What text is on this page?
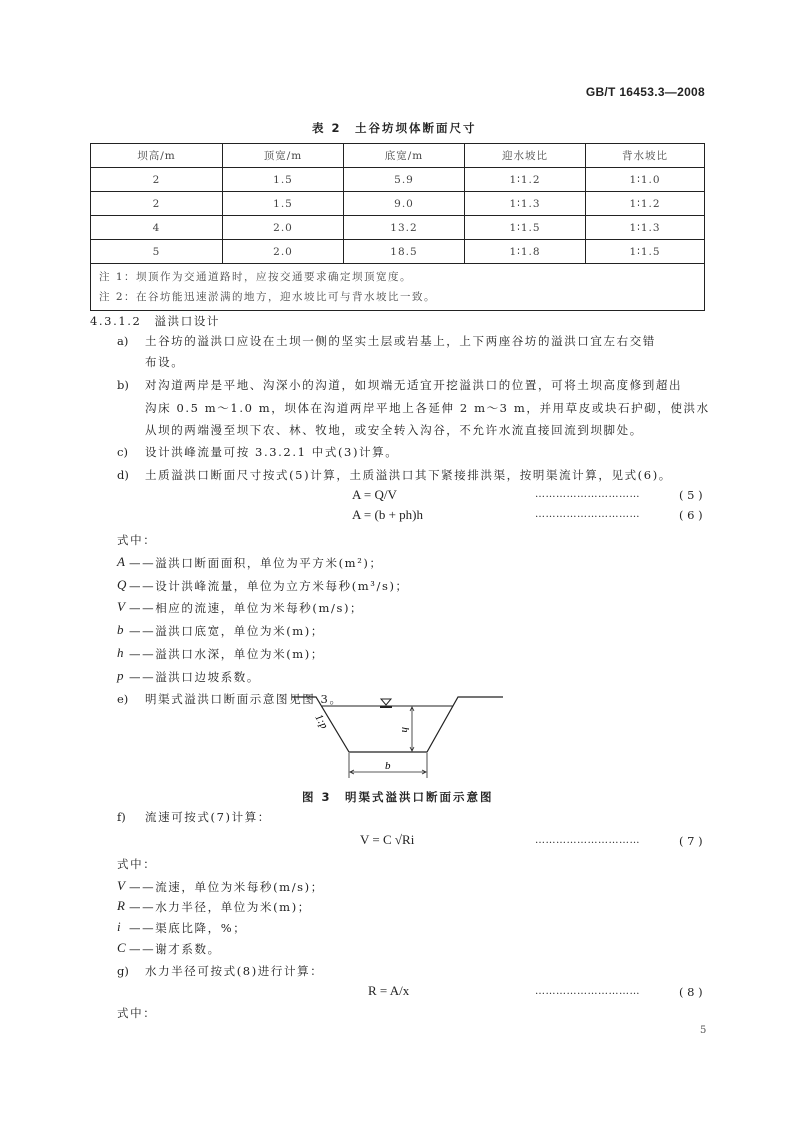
GB/T 16453.3—2008
表 2　土谷坊坝体断面尺寸
坝高/m	顶宽/m	底宽/m	迎水坡比	背水坡比
2	1.5	5.9	1∶1.2	1∶1.0
2	1.5	9.0	1∶1.3	1∶1.2
4	2.0	13.2	1∶1.5	1∶1.3
5	2.0	18.5	1∶1.8	1∶1.5

注 1：坝顶作为交通道路时，应按交通要求确定坝顶宽度。
注 2：在谷坊能迅速淤满的地方，迎水坡比可与背水坡比一致。				
4.3.1.2　溢洪口设计
a) 土谷坊的溢洪口应设在土坝一侧的坚实土层或岩基上，上下两座谷坊的溢洪口宜左右交错
布设。
b) 对沟道两岸是平地、沟深小的沟道，如坝端无适宜开挖溢洪口的位置，可将土坝高度修到超出
沟床 0.5 m～1.0 m，坝体在沟道两岸平地上各延伸 2 m～3 m，并用草皮或块石护砌，使洪水
从坝的两端漫至坝下农、林、牧地，或安全转入沟谷，不允许水流直接回流到坝脚处。
c) 设计洪峰流量可按 3.3.2.1 中式(3)计算。
d) 土质溢洪口断面尺寸按式(5)计算，土质溢洪口其下紧接排洪渠，按明渠流计算，见式(6)。
A = Q/V	…………………………	( 5 )
A = (b + ph)h	…………………………	( 6 )
式中：
A ——溢洪口断面面积，单位为平方米(m²)；
Q ——设计洪峰流量，单位为立方米每秒(m³/s)；
V ——相应的流速，单位为米每秒(m/s)；
b ——溢洪口底宽，单位为米(m)；
h ——溢洪口水深，单位为米(m)；
p ——溢洪口边坡系数。
e) 明渠式溢洪口断面示意图见图 3。
1:p	h
b
图 3　明渠式溢洪口断面示意图
f) 流速可按式(7)计算：
V = C √Ri	…………………………	( 7 )
式中：
V ——流速，单位为米每秒(m/s)；
R ——水力半径，单位为米(m)；
i ——渠底比降，%；
C ——谢才系数。
g) 水力半径可按式(8)进行计算：
R = A/x	…………………………	( 8 )
式中：
5
